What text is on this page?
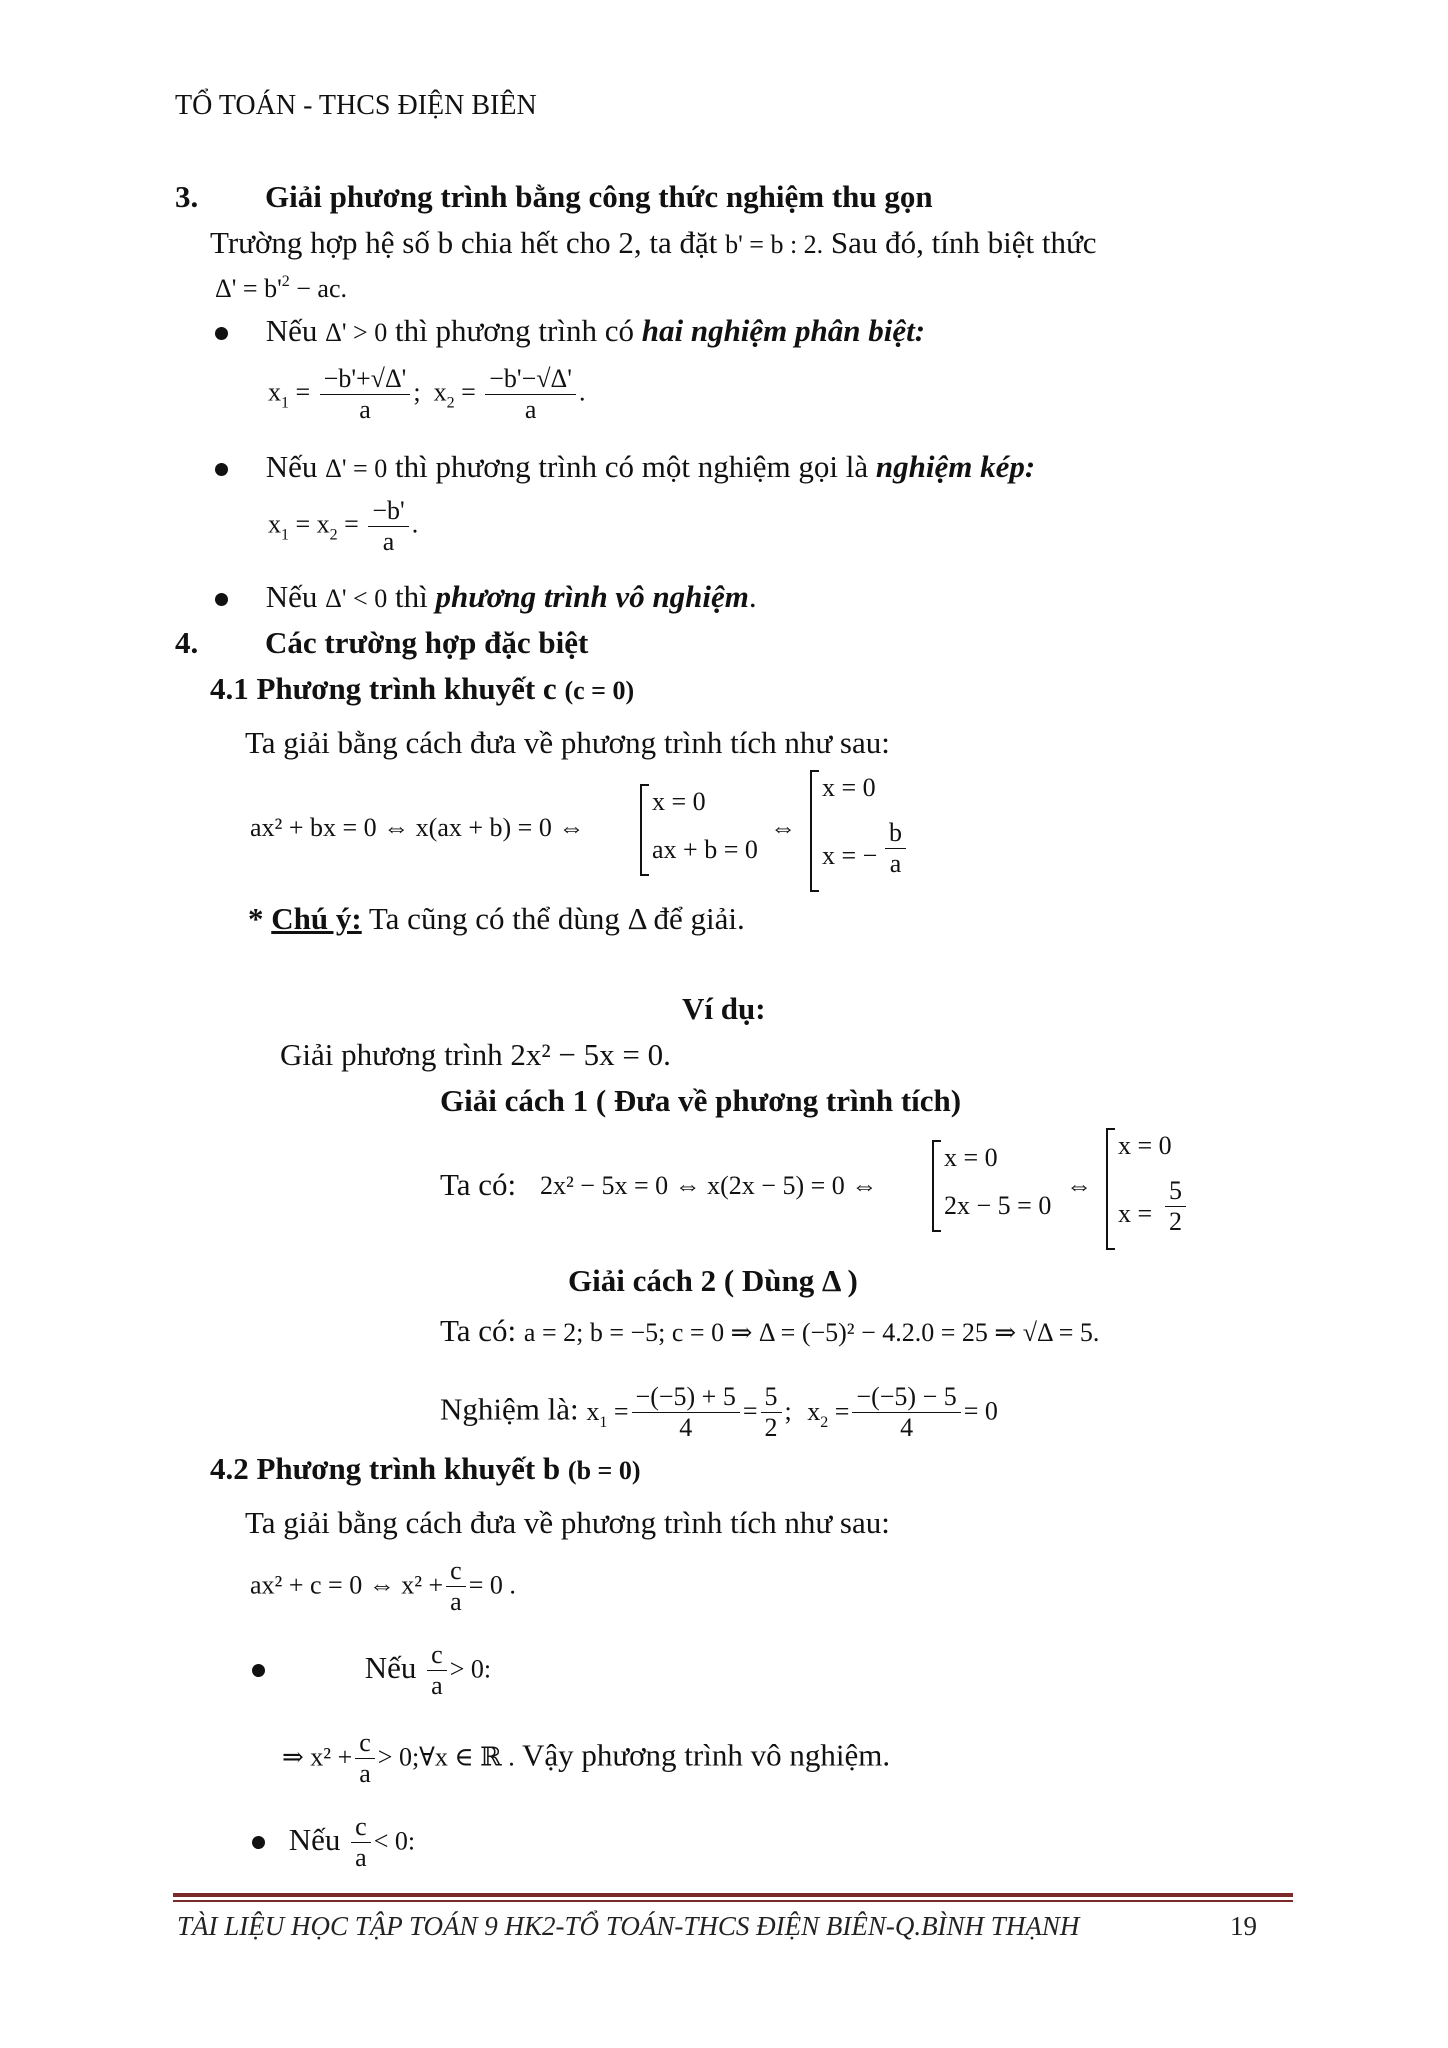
TỔ TOÁN - THCS ĐIỆN BIÊN
3. Giải phương trình bằng công thức nghiệm thu gọn
Trường hợp hệ số b chia hết cho 2, ta đặt b' = b : 2. Sau đó, tính biệt thức
$\Delta' = b'^2$ − ac.
Nếu Δ' > 0 thì phương trình có hai nghiệm phân biệt:
$x_1 = \frac{-b'+√\Delta'}{a}$ ;  $x_2 = \frac{-b'-√\Delta'}{a}$ .
Nếu Δ' = 0 thì phương trình có một nghiệm gọi là nghiệm kép:
$x_1 = x_2 = \frac{-b'}{a}$ .
Nếu Δ' < 0 thì phương trình vô nghiệm.
4. Các trường hợp đặc biệt
4.1 Phương trình khuyết c (c = 0)
Ta giải bằng cách đưa về phương trình tích như sau:
ax² + bx = 0 ⇔ x(ax + b) = 0 ⇔
x = 0
ax + b = 0
⇔
x = 0
x = − $\frac{b}{a}$
* Chú ý: Ta cũng có thể dùng Δ để giải.
Ví dụ:
Giải phương trình 2x² − 5x = 0.
Giải cách 1 ( Đưa về phương trình tích)
Ta có: 2x² − 5x = 0 ⇔ x(2x − 5) = 0 ⇔
x = 0
2x − 5 = 0
⇔
x = 0
$x = \frac{5}{2}$
Giải cách 2 ( Dùng Δ )
Ta có: a = 2; b = −5; c = 0 ⇒ Δ = (−5)² − 4.2.0 = 25 ⇒ √Δ = 5.
Nghiệm là: $x_1 = \frac{-(-5) + 5}{4} = \frac{5}{2}$ ; $x_2 = \frac{-(-5) - 5}{4} = 0$
4.2 Phương trình khuyết b (b = 0)
Ta giải bằng cách đưa về phương trình tích như sau:
ax² + c = 0 ⇔ $x^2 + \frac{c}{a} = 0$ .
Nếu $\frac{c}{a} > 0$:
⇒ $x^2 + \frac{c}{a}$ > 0;∀x ∈ ℝ . Vậy phương trình vô nghiệm.
Nếu $\frac{c}{a} < 0$:
TÀI LIỆU HỌC TẬP TOÁN 9 HK2-TỔ TOÁN-THCS ĐIỆN BIÊN-Q.BÌNH THẠNH	19
